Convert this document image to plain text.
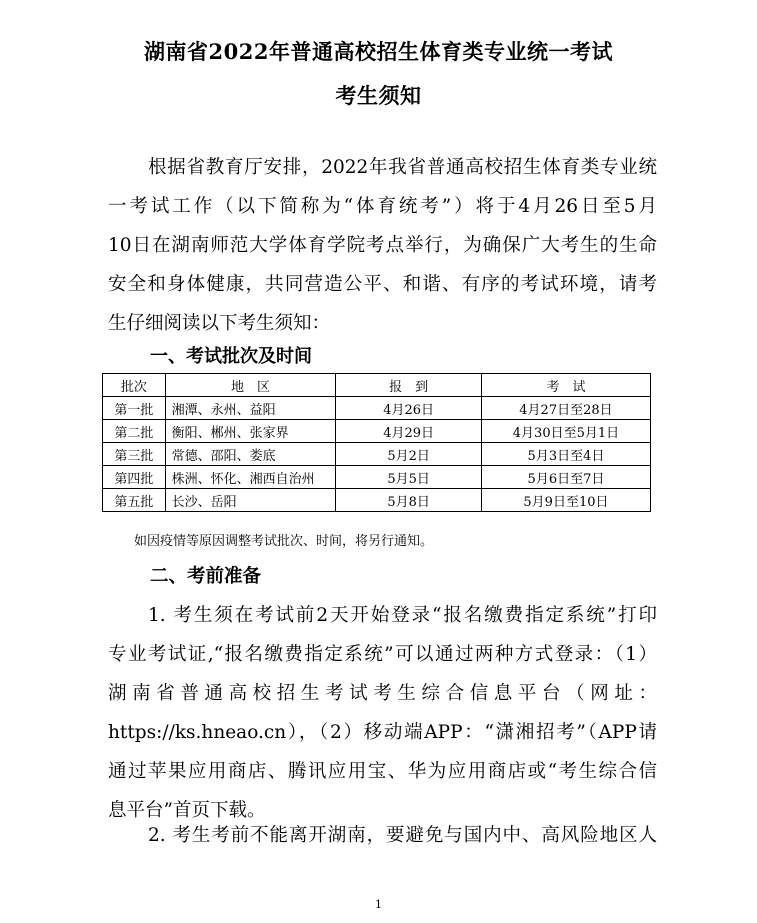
湖南省2022年普通高校招生体育类专业统一考试
考生须知
根据省教育厅安排，2022年我省普通高校招生体育类专业统
一考试工作（以下简称为“体育统考”）将于4月26日至5月
10日在湖南师范大学体育学院考点举行，为确保广大考生的生命
安全和身体健康，共同营造公平、和谐、有序的考试环境，请考
生仔细阅读以下考生须知：
一、考试批次及时间
批次	地　区	报　到	考　试
第一批	湘潭、永州、益阳	4月26日	4月27日至28日
第二批	衡阳、郴州、张家界	4月29日	4月30日至5月1日
第三批	常德、邵阳、娄底	5月2日	5月3日至4日
第四批	株洲、怀化、湘西自治州	5月5日	5月6日至7日
第五批	长沙、岳阳	5月8日	5月9日至10日

如因疫情等原因调整考试批次、时间，将另行通知。

二、考前准备
1. 考生须在考试前2天开始登录“报名缴费指定系统”打印
专业考试证,“报名缴费指定系统”可以通过两种方式登录：（1）
湖南省普通高校招生考试考生综合信息平台（网址：
https://ks.hneao.cn），（2）移动端APP：“潇湘招考”（APP请
通过苹果应用商店、腾讯应用宝、华为应用商店或“考生综合信
息平台”首页下载。
2. 考生考前不能离开湖南，要避免与国内中、高风险地区人

1
